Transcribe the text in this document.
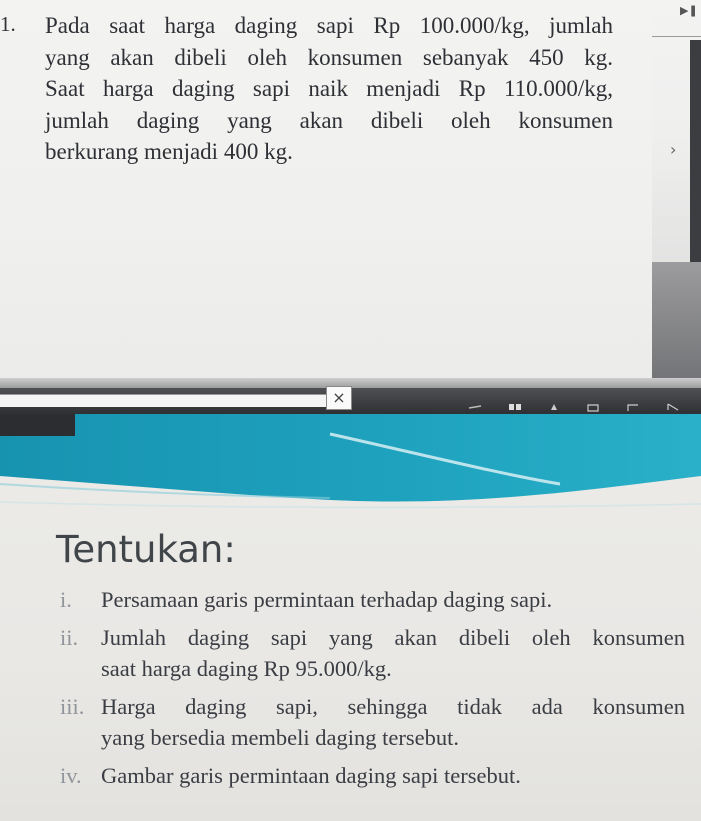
1. Pada saat harga daging sapi Rp 100.000/kg, jumlah
yang akan dibeli oleh konsumen sebanyak 450 kg.
Saat harga daging sapi naik menjadi Rp 110.000/kg,
jumlah daging yang akan dibeli oleh konsumen
berkurang menjadi 400 kg.

▶❚
›
×
Tentukan:
i. Persamaan garis permintaan terhadap daging sapi.
ii. Jumlah daging sapi yang akan dibeli oleh konsumen
saat harga daging Rp 95.000/kg.
iii. Harga daging sapi, sehingga tidak ada konsumen
yang bersedia membeli daging tersebut.
iv. Gambar garis permintaan daging sapi tersebut.
